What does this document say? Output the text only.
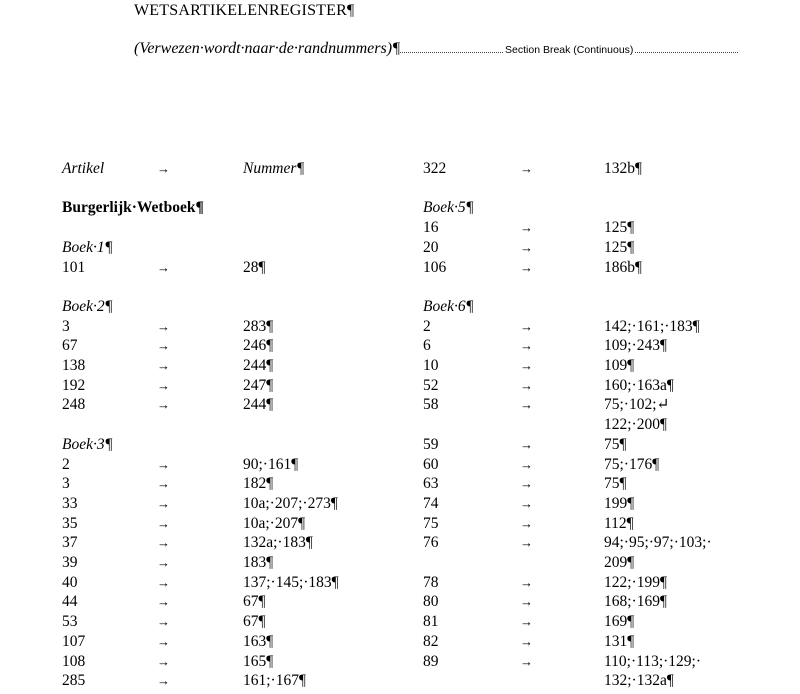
WETSARTIKELENREGISTER¶
(Verwezen·wordt·naar·de·randnummers)¶	Section Break (Continuous)
Artikel	→	Nummer¶
Burgerlijk·Wetboek¶
Boek·1¶
101	→	28¶
Boek·2¶
3	→	283¶
67	→	246¶
138	→	244¶
192	→	247¶
248	→	244¶
Boek·3¶
2	→	90;·161¶
3	→	182¶
33	→	10a;·207;·273¶
35	→	10a;·207¶
37	→	132a;·183¶
39	→	183¶
40	→	137;·145;·183¶
44	→	67¶
53	→	67¶
107	→	163¶
108	→	165¶
285	→	161;·167¶
322	→	132b¶
Boek·5¶
16	→	125¶
20	→	125¶
106	→	186b¶
Boek·6¶
2	→	142;·161;·183¶
6	→	109;·243¶
10	→	109¶
52	→	160;·163a¶
58	→	75;·102;↵
122;·200¶
59	→	75¶
60	→	75;·176¶
63	→	75¶
74	→	199¶
75	→	112¶
76	→	94;·95;·97;·103;·
209¶
78	→	122;·199¶
80	→	168;·169¶
81	→	169¶
82	→	131¶
89	→	110;·113;·129;·
132;·132a¶
